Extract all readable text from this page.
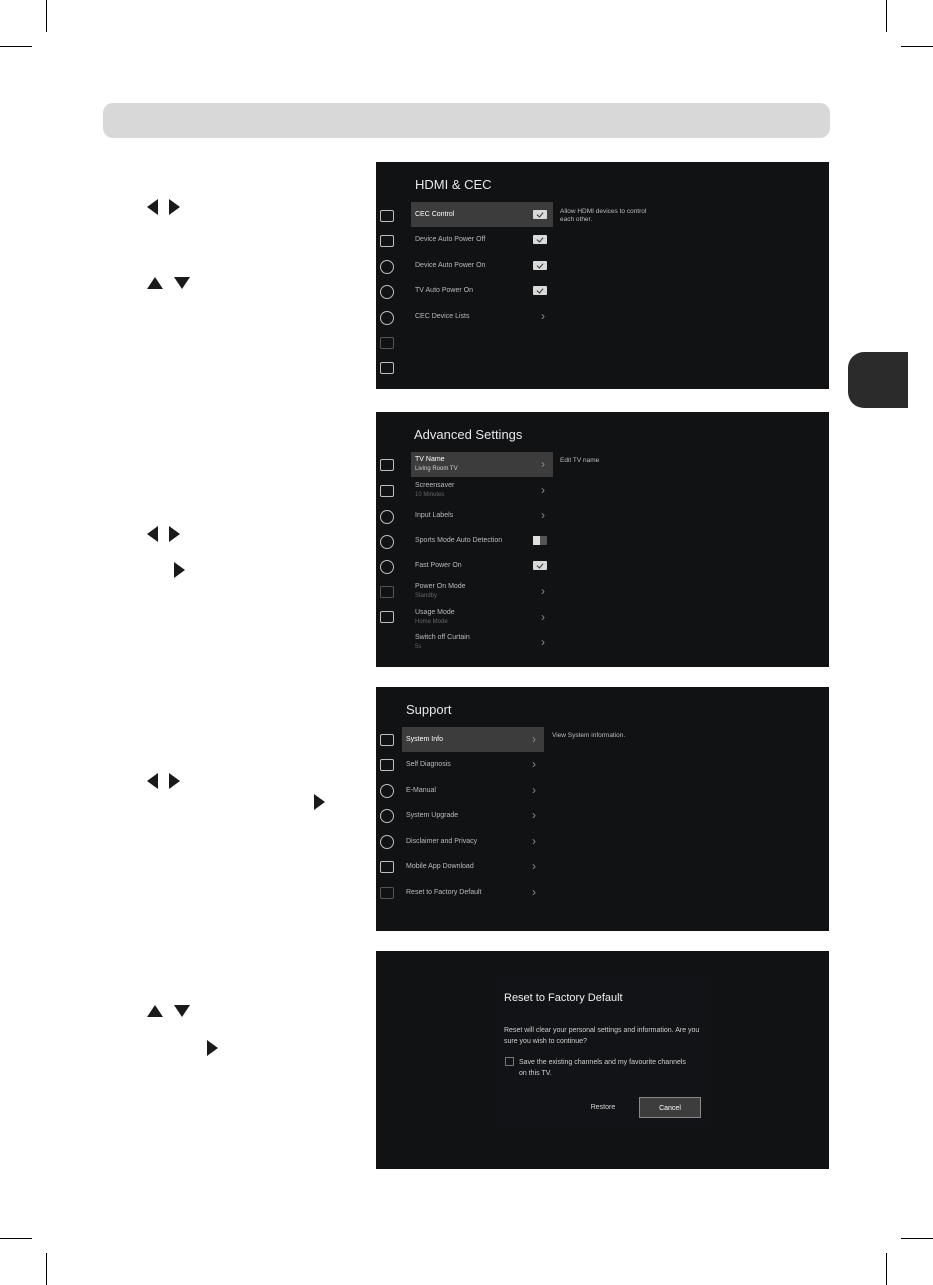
HDMI & CEC
CEC Control
Device Auto Power Off
Device Auto Power On
TV Auto Power On
CEC Device Lists	›
Allow HDMI devices to control each other.
Advanced Settings
TV Name
Living Room TV	›
Screensaver
10 Minutes	›
Input Labels	›
Sports Mode Auto Detection
Fast Power On
Power On Mode
Standby	›
Usage Mode
Home Mode	›
Switch off Curtain
5s	›
Edit TV name
Support
System Info	›
Self Diagnosis	›
E-Manual	›
System Upgrade	›
Disclaimer and Privacy	›
Mobile App Download	›
Reset to Factory Default	›
View System information.
Reset to Factory Default
Reset will clear your personal settings and information. Are you sure you wish to continue?
Save the existing channels and my favourite channels on this TV.
Restore	Cancel
